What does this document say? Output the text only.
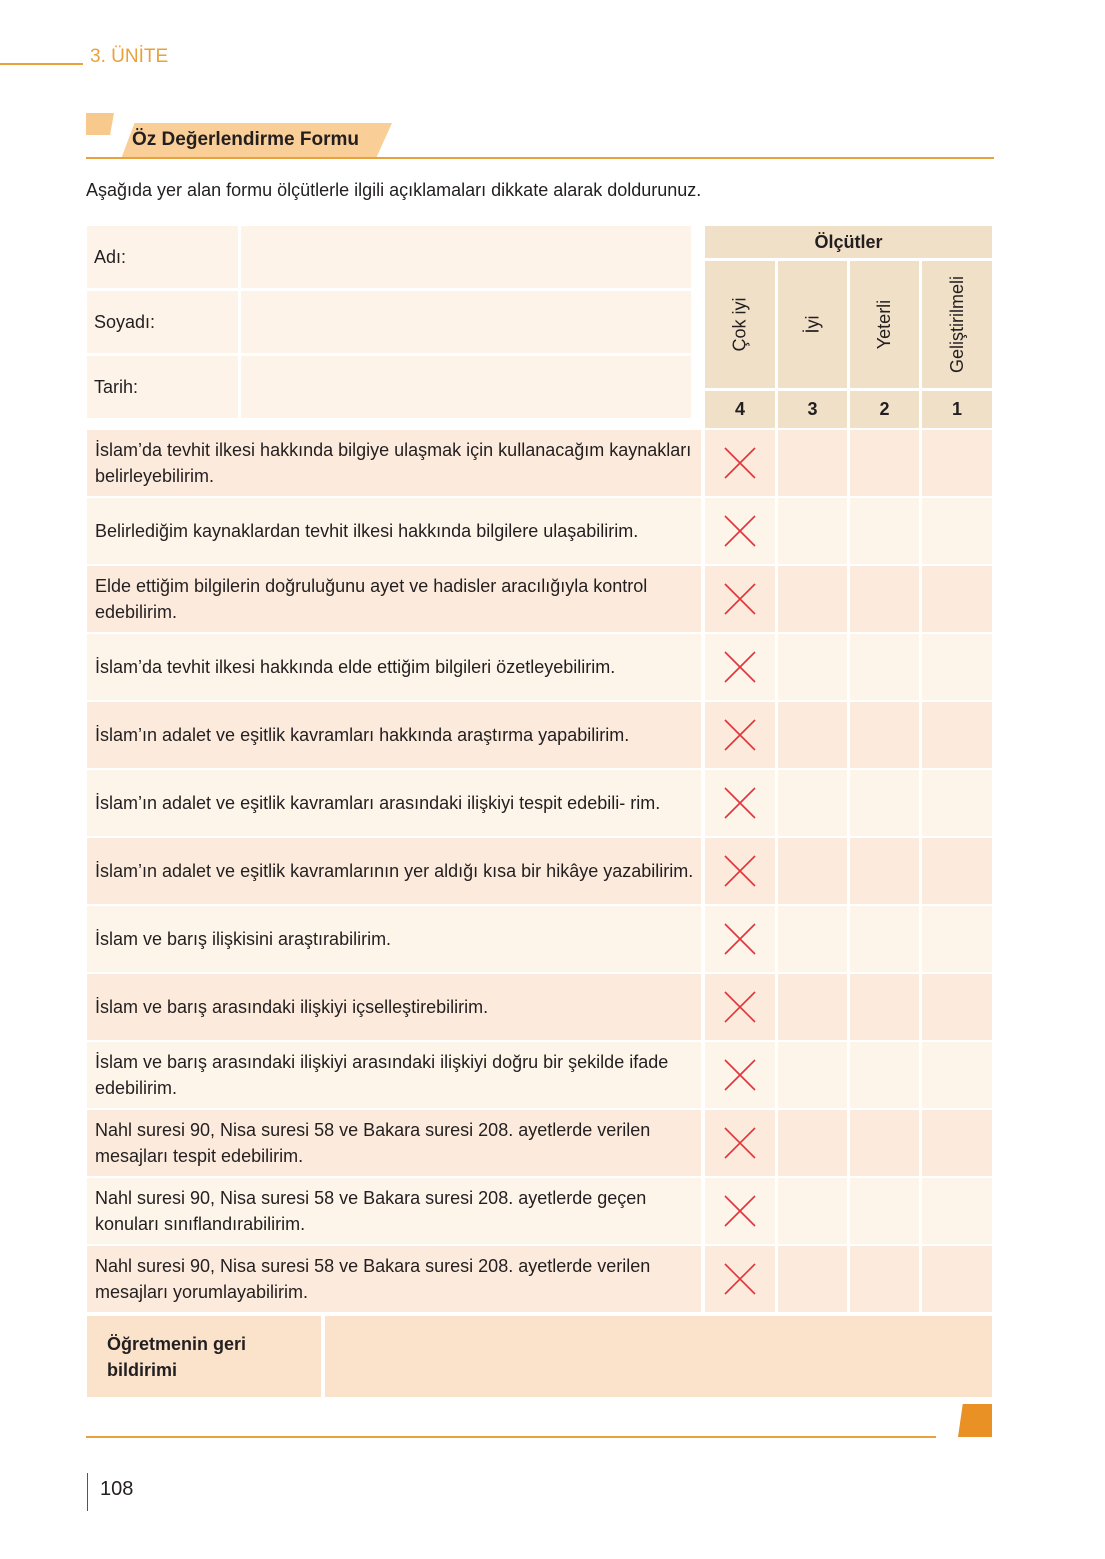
3. ÜNİTE
Öz Değerlendirme Formu
Aşağıda yer alan formu ölçütlerle ilgili açıklamaları dikkate alarak doldurunuz.
Adı:
Soyadı:
Tarih:
Ölçütler
Çok iyi
4
İyi
3
Yeterli
2
Geliştirilmeli
1
İslam’da tevhit ilkesi hakkında bilgiye ulaşmak için kullanacağım kaynakları belirleyebilirim.
Belirlediğim kaynaklardan tevhit ilkesi hakkında bilgilere ulaşabilirim.
Elde ettiğim bilgilerin doğruluğunu ayet ve hadisler aracılığıyla kontrol edebilirim.
İslam’da tevhit ilkesi hakkında elde ettiğim bilgileri özetleyebilirim.
İslam’ın adalet ve eşitlik kavramları hakkında araştırma yapabilirim.
İslam’ın adalet ve eşitlik kavramları arasındaki ilişkiyi tespit edebili- rim.
İslam’ın adalet ve eşitlik kavramlarının yer aldığı kısa bir hikâye yazabilirim.
İslam ve barış ilişkisini araştırabilirim.
İslam ve barış arasındaki ilişkiyi içselleştirebilirim.
İslam ve barış arasındaki ilişkiyi arasındaki ilişkiyi doğru bir şekilde ifade edebilirim.
Nahl suresi 90, Nisa suresi 58 ve Bakara suresi 208. ayetlerde verilen mesajları tespit edebilirim.
Nahl suresi 90, Nisa suresi 58 ve Bakara suresi 208. ayetlerde geçen konuları sınıflandırabilirim.
Nahl suresi 90, Nisa suresi 58 ve Bakara suresi 208. ayetlerde verilen mesajları yorumlayabilirim.
Öğretmenin geri bildirimi
108
